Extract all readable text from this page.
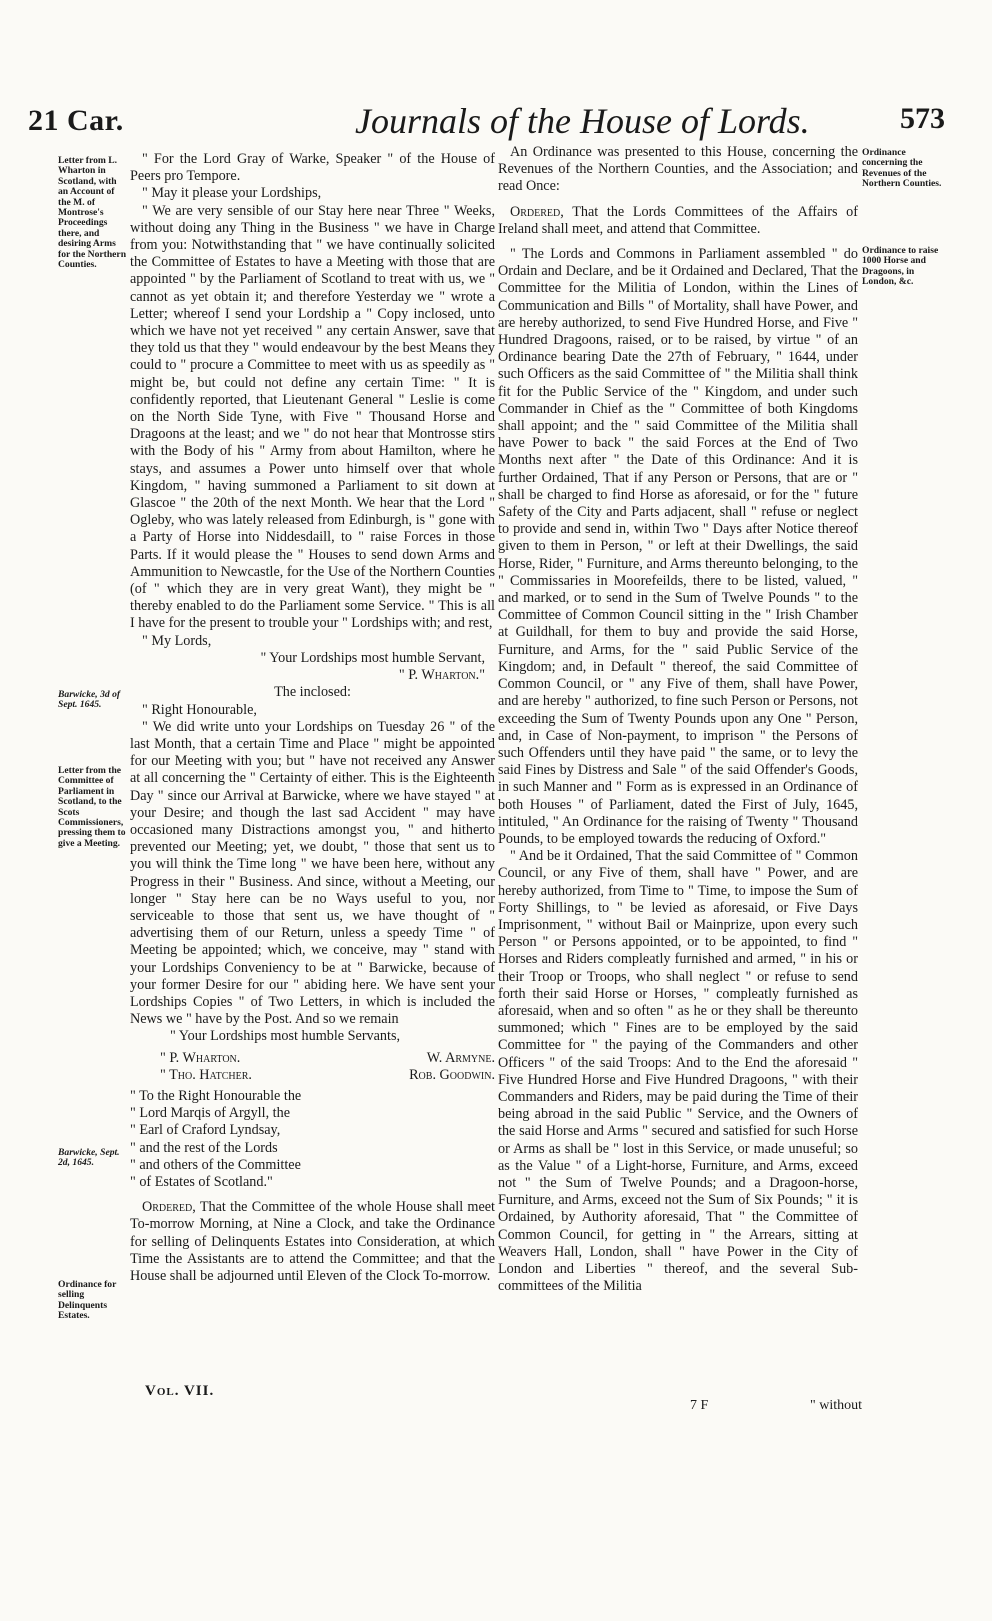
21 Car.	Journals of the House of Lords.	573
Letter from L. Wharton in Scotland, with an Account of the M. of Montrose's Proceedings there, and desiring Arms for the Northern Counties.
Barwicke, 3d of Sept. 1645.
Letter from the Committee of Parliament in Scotland, to the Scots Commissioners, pressing them to give a Meeting.
Barwicke, Sept. 2d, 1645.
Ordinance for selling Delinquents Estates.
Ordinance concerning the Revenues of the Northern Counties.
Ordinance to raise 1000 Horse and Dragoons, in London, &c.

" For the Lord Gray of Warke, Speaker " of the House of Peers pro Tempore.

" May it please your Lordships,

" We are very sensible of our Stay here near Three " Weeks, without doing any Thing in the Business " we have in Charge from you: Notwithstanding that " we have continually solicited the Committee of Estates to have a Meeting with those that are appointed " by the Parliament of Scotland to treat with us, we " cannot as yet obtain it; and therefore Yesterday we " wrote a Letter; whereof I send your Lordship a " Copy inclosed, unto which we have not yet received " any certain Answer, save that they told us that they " would endeavour by the best Means they could to " procure a Committee to meet with us as speedily as " might be, but could not define any certain Time: " It is confidently reported, that Lieutenant General " Leslie is come on the North Side Tyne, with Five " Thousand Horse and Dragoons at the least; and we " do not hear that Montrosse stirs with the Body of his " Army from about Hamilton, where he stays, and assumes a Power unto himself over that whole Kingdom, " having summoned a Parliament to sit down at Glascoe " the 20th of the next Month. We hear that the Lord " Ogleby, who was lately released from Edinburgh, is " gone with a Party of Horse into Niddesdaill, to " raise Forces in those Parts. If it would please the " Houses to send down Arms and Ammunition to Newcastle, for the Use of the Northern Counties (of " which they are in very great Want), they might be " thereby enabled to do the Parliament some Service. " This is all I have for the present to trouble your " Lordships with; and rest,

" My Lords,

" Your Lordships most humble Servant,

" P. Wharton."

The inclosed:

" Right Honourable,

" We did write unto your Lordships on Tuesday 26 " of the last Month, that a certain Time and Place " might be appointed for our Meeting with you; but " have not received any Answer at all concerning the " Certainty of either. This is the Eighteenth Day " since our Arrival at Barwicke, where we have stayed " at your Desire; and though the last sad Accident " may have occasioned many Distractions amongst you, " and hitherto prevented our Meeting; yet, we doubt, " those that sent us to you will think the Time long " we have been here, without any Progress in their " Business. And since, without a Meeting, our longer " Stay here can be no Ways useful to you, nor serviceable to those that sent us, we have thought of " advertising them of our Return, unless a speedy Time " of Meeting be appointed; which, we conceive, may " stand with your Lordships Conveniency to be at " Barwicke, because of your former Desire for our " abiding here. We have sent your Lordships Copies " of Two Letters, in which is included the News we " have by the Post. And so we remain

" Your Lordships most humble Servants,

" P. Wharton.	W. Armyne.
" Tho. Hatcher.	Rob. Goodwin.

" To the Right Honourable the

" Lord Marqis of Argyll, the

" Earl of Craford Lyndsay,

" and the rest of the Lords

" and others of the Committee

" of Estates of Scotland."

Ordered, That the Committee of the whole House shall meet To-morrow Morning, at Nine a Clock, and take the Ordinance for selling of Delinquents Estates into Consideration, at which Time the Assistants are to attend the Committee; and that the House shall be adjourned until Eleven of the Clock To-morrow.

An Ordinance was presented to this House, concerning the Revenues of the Northern Counties, and the Association; and read Once:

Ordered, That the Lords Committees of the Affairs of Ireland shall meet, and attend that Committee.

" The Lords and Commons in Parliament assembled " do Ordain and Declare, and be it Ordained and Declared, That the Committee for the Militia of London, within the Lines of Communication and Bills " of Mortality, shall have Power, and are hereby authorized, to send Five Hundred Horse, and Five " Hundred Dragoons, raised, or to be raised, by virtue " of an Ordinance bearing Date the 27th of February, " 1644, under such Officers as the said Committee of " the Militia shall think fit for the Public Service of the " Kingdom, and under such Commander in Chief as the " Committee of both Kingdoms shall appoint; and the " said Committee of the Militia shall have Power to back " the said Forces at the End of Two Months next after " the Date of this Ordinance: And it is further Ordained, That if any Person or Persons, that are or " shall be charged to find Horse as aforesaid, or for the " future Safety of the City and Parts adjacent, shall " refuse or neglect to provide and send in, within Two " Days after Notice thereof given to them in Person, " or left at their Dwellings, the said Horse, Rider, " Furniture, and Arms thereunto belonging, to the " Commissaries in Moorefeilds, there to be listed, valued, " and marked, or to send in the Sum of Twelve Pounds " to the Committee of Common Council sitting in the " Irish Chamber at Guildhall, for them to buy and provide the said Horse, Furniture, and Arms, for the " said Public Service of the Kingdom; and, in Default " thereof, the said Committee of Common Council, or " any Five of them, shall have Power, and are hereby " authorized, to fine such Person or Persons, not exceeding the Sum of Twenty Pounds upon any One " Person, and, in Case of Non-payment, to imprison " the Persons of such Offenders until they have paid " the same, or to levy the said Fines by Distress and Sale " of the said Offender's Goods, in such Manner and " Form as is expressed in an Ordinance of both Houses " of Parliament, dated the First of July, 1645, intituled, " An Ordinance for the raising of Twenty " Thousand Pounds, to be employed towards the reducing of Oxford."

" And be it Ordained, That the said Committee of " Common Council, or any Five of them, shall have " Power, and are hereby authorized, from Time to " Time, to impose the Sum of Forty Shillings, to " be levied as aforesaid, or Five Days Imprisonment, " without Bail or Mainprize, upon every such Person " or Persons appointed, or to be appointed, to find " Horses and Riders compleatly furnished and armed, " in his or their Troop or Troops, who shall neglect " or refuse to send forth their said Horse or Horses, " compleatly furnished as aforesaid, when and so often " as he or they shall be thereunto summoned; which " Fines are to be employed by the said Committee for " the paying of the Commanders and other Officers " of the said Troops: And to the End the aforesaid " Five Hundred Horse and Five Hundred Dragoons, " with their Commanders and Riders, may be paid during the Time of their being abroad in the said Public " Service, and the Owners of the said Horse and Arms " secured and satisfied for such Horse or Arms as shall be " lost in this Service, or made unuseful; so as the Value " of a Light-horse, Furniture, and Arms, exceed not " the Sum of Twelve Pounds; and a Dragoon-horse, Furniture, and Arms, exceed not the Sum of Six Pounds; " it is Ordained, by Authority aforesaid, That " the Committee of Common Council, for getting in " the Arrears, sitting at Weavers Hall, London, shall " have Power in the City of London and Liberties " thereof, and the several Sub-committees of the Militia

Vol. VII.
7 F	" without
